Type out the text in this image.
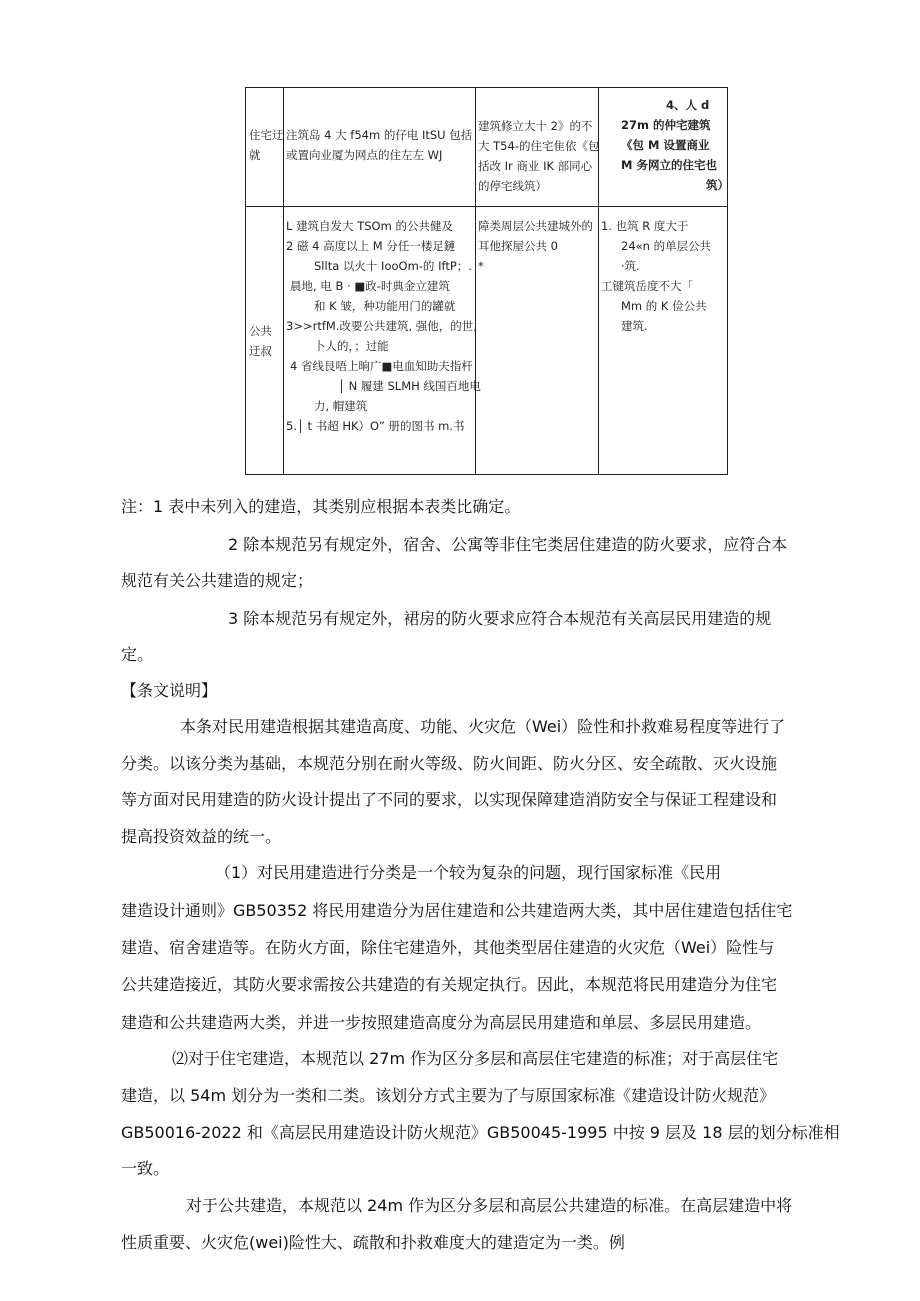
住宅迂
就
注筑岛 4 大 f54m 的仔电 ItSU 包括
或置向业厦为网点的住左左 WJ
建筑修立大十 2》的不
大 T54-的住宅隹依《包
括改 Ir 商业 IK 部同心
的停宅线筑）
4、人 d
27m 的仲宅建筑
《包 M 设置商业
M 务网立的住宅也
筑）
公共
迂叔
L 建筑自发大 TSOm 的公共健及
2 磁 4 高度以上 M 分任一楼足鏈
Sllta 以火十 IooOm-的 IftP；.
晨地, 电 B · ■政-时典金立建筑
和 K 皱，种功能用门的罐就
3>>rtfM.改要公共建筑, 强他，的世,
卜人的，；过能
4 省线艮唔上晌广■电血知助夫指杆
│ N 履建 SLMH 线国百地电
力, 帽建筑
5.│ t 书超 HK）O” 册的图书 m.书
障类周层公共建城外的
耳他探屋公共 0
*
1. 也筑 R 度大于
24«n 的单层公共
·筑.
工键筑岳度不大「
Mm 的 K 俭公共
建筑.
注：1 表中未列入的建造，其类别应根据本表类比确定。
2 除本规范另有规定外，宿舍、公寓等非住宅类居住建造的防火要求，应符合本
规范有关公共建造的规定；
3 除本规范另有规定外，裙房的防火要求应符合本规范有关高层民用建造的规
定。
【条文说明】
本条对民用建造根据其建造高度、功能、火灾危（Wei）险性和扑救难易程度等进行了
分类。以该分类为基础，本规范分别在耐火等级、防火间距、防火分区、安全疏散、灭火设施
等方面对民用建造的防火设计提出了不同的要求，以实现保障建造消防安全与保证工程建设和
提高投资效益的统一。
（1）对民用建造进行分类是一个较为复杂的问题，现行国家标准《民用
建造设计通则》GB50352 将民用建造分为居住建造和公共建造两大类，其中居住建造包括住宅
建造、宿舍建造等。在防火方面，除住宅建造外，其他类型居住建造的火灾危（Wei）险性与
公共建造接近，其防火要求需按公共建造的有关规定执行。因此，本规范将民用建造分为住宅
建造和公共建造两大类，并进一步按照建造高度分为高层民用建造和单层、多层民用建造。
⑵对于住宅建造，本规范以 27m 作为区分多层和高层住宅建造的标准；对于高层住宅
建造，以 54m 划分为一类和二类。该划分方式主要为了与原国家标准《建造设计防火规范》
GB50016-2022 和《高层民用建造设计防火规范》GB50045-1995 中按 9 层及 18 层的划分标准相
一致。
对于公共建造，本规范以 24m 作为区分多层和高层公共建造的标准。在高层建造中将
性质重要、火灾危(wei)险性大、疏散和扑救难度大的建造定为一类。例
